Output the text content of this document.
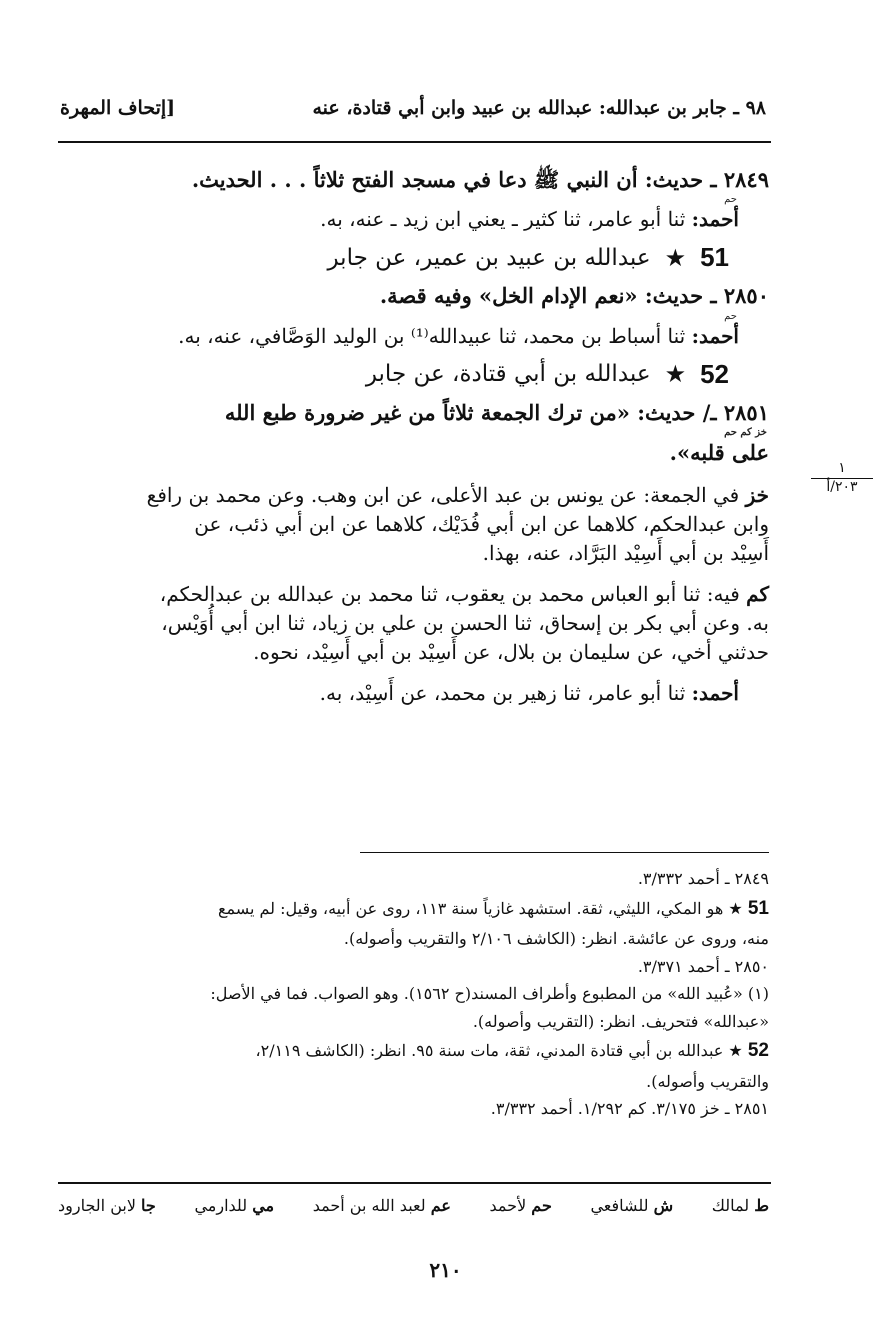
٩٨ ـ جابر بن عبدالله: عبدالله بن عبيد وابن أبي قتادة، عنه
[إتحاف المهرة

٢٨٤٩ ـ حديث: أن النبي ﷺ دعا في مسجد الفتح ثلاثاً . . . الحديث.

حم
أحمد: ثنا أبو عامر، ثنا كثير ـ يعني ابن زيد ـ عنه، به.

51
★
عبدالله بن عبيد بن عمير، عن جابر

٢٨٥٠ ـ حديث: «نعم الإدام الخل» وفيه قصة.

حم
أحمد: ثنا أسباط بن محمد، ثنا عبيدالله⁽¹⁾ بن الوليد الوَصَّافي، عنه، به.

52
★
عبدالله بن أبي قتادة، عن جابر

٢٨٥١ ـ/ حديث: «من ترك الجمعة ثلاثاً من غير ضرورة طبع الله
خز كم حم
على قلبه».

خز في الجمعة: عن يونس بن عبد الأعلى، عن ابن وهب. وعن محمد بن رافع

وابن عبدالحكم، كلاهما عن ابن أبي فُدَيْك، كلاهما عن ابن أبي ذئب، عن

أَسِيْد بن أبي أَسِيْد البَرَّاد، عنه، بهذا.

كم فيه: ثنا أبو العباس محمد بن يعقوب، ثنا محمد بن عبدالله بن عبدالحكم،

به. وعن أبي بكر بن إسحاق، ثنا الحسن بن علي بن زياد، ثنا ابن أبي أُوَيْس،

حدثني أخي، عن سليمان بن بلال، عن أَسِيْد بن أبي أَسِيْد، نحوه.

أحمد: ثنا أبو عامر، ثنا زهير بن محمد، عن أَسِيْد، به.

١
٢٠٣/أ

٢٨٤٩ ـ أحمد ٣/٣٣٢.

51 ★ هو المكي، الليثي، ثقة. استشهد غازياً سنة ١١٣، روى عن أبيه، وقيل: لم يسمع

منه، وروى عن عائشة. انظر: (الكاشف ٢/١٠٦ والتقريب وأصوله).

٢٨٥٠ ـ أحمد ٣/٣٧١.

(١) «عُبيد الله» من المطبوع وأطراف المسند(ح ١٥٦٢). وهو الصواب. فما في الأصل:

«عبدالله» فتحريف. انظر: (التقريب وأصوله).

52 ★ عبدالله بن أبي قتادة المدني، ثقة، مات سنة ٩٥. انظر: (الكاشف ٢/١١٩،

والتقريب وأصوله).

٢٨٥١ ـ خز ٣/١٧٥. كم ١/٢٩٢. أحمد ٣/٣٣٢.

ط لمالك
ش للشافعي
حم لأحمد
عم لعبد الله بن أحمد
مي للدارمي
جا لابن الجارود
٢١٠
